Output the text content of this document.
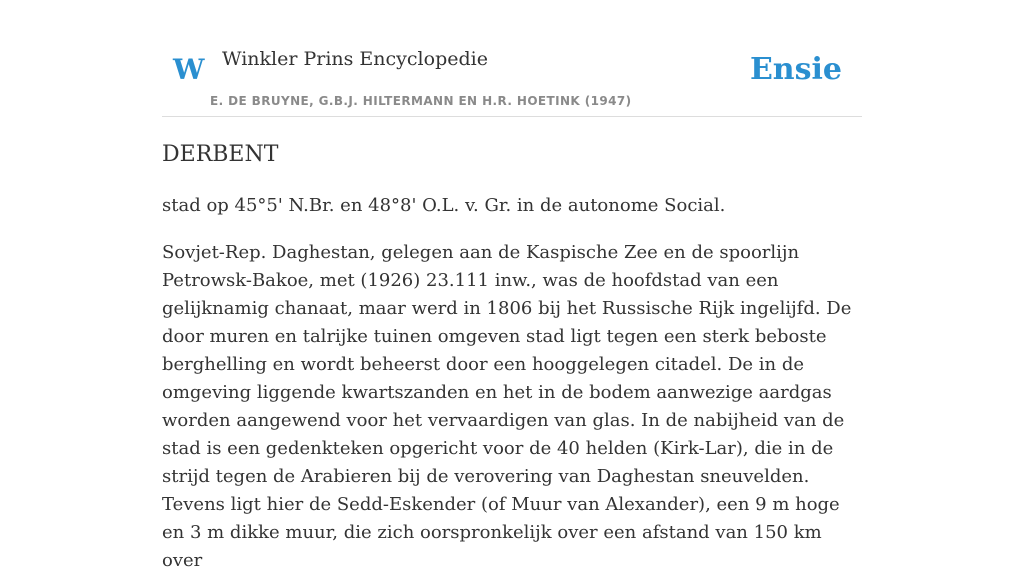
W Winkler Prins Encyclopedie
E. DE BRUYNE, G.B.J. HILTERMANN EN H.R. HOETINK (1947)
Ensie
DERBENT

stad op 45°5' N.Br. en 48°8' O.L. v. Gr. in de autonome Social.

Sovjet-Rep. Daghestan, gelegen aan de Kaspische Zee en de spoorlijn Petrowsk-Bakoe, met (1926) 23.111 inw., was de hoofdstad van een gelijknamig chanaat, maar werd in 1806 bij het Russische Rijk ingelijfd. De door muren en talrijke tuinen omgeven stad ligt tegen een sterk beboste berghelling en wordt beheerst door een hooggelegen citadel. De in de omgeving liggende kwartszanden en het in de bodem aanwezige aardgas worden aangewend voor het vervaardigen van glas. In de nabijheid van de stad is een gedenkteken opgericht voor de 40 helden (Kirk-Lar), die in de strijd tegen de Arabieren bij de verovering van Daghestan sneuvelden. Tevens ligt hier de Sedd-Eskender (of Muur van Alexander), een 9 m hoge en 3 m dikke muur, die zich oorspronkelijk over een afstand van 150 km over
